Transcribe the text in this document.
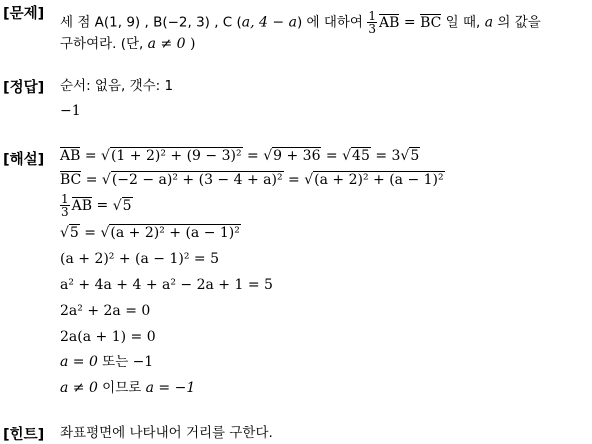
[문제]
[정답]
[해설]
[힌트]
세 점 A(1, 9) , B(−2, 3) , C (a, 4 − a) 에 대하여 $\frac{1}{3}$ AB = BC 일 때, a 의 값을
구하여라. (단, a ≠ 0 )
순서: 없음, 갯수: 1
−1
AB = √(1 + 2)² + (9 − 3)² = √9 + 36 = √45 = 3√5
BC = √(−2 − a)² + (3 − 4 + a)² = √(a + 2)² + (a − 1)²
$\frac{1}{3}$ AB = √5
√5 = √(a + 2)² + (a − 1)²
(a + 2)² + (a − 1)² = 5
a² + 4a + 4 + a² − 2a + 1 = 5
2a² + 2a = 0
2a(a + 1) = 0
a = 0 또는 −1
a ≠ 0 이므로 a = −1
좌표평면에 나타내어 거리를 구한다.
